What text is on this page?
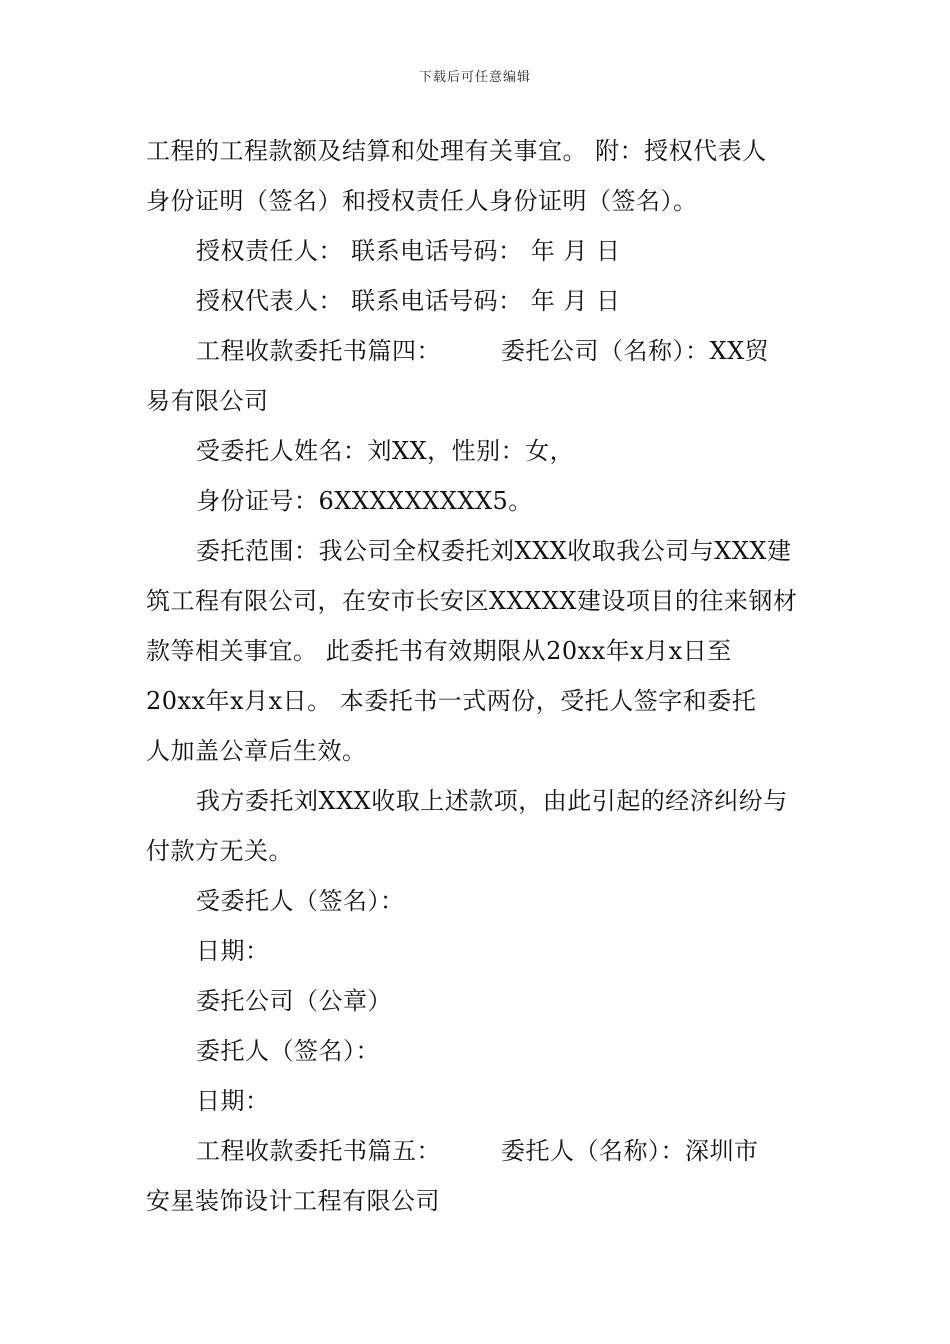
下载后可任意编辑
工程的工程款额及结算和处理有关事宜。 附：授权代表人
身份证明（签名）和授权责任人身份证明（签名）。
授权责任人： 联系电话号码： 年 月 日
授权代表人： 联系电话号码： 年 月 日
工程收款委托书篇四：	委托公司（名称）：XX贸
易有限公司
受委托人姓名：刘XX，性别：女，
身份证号：6XXXXXXXXX5。
委托范围：我公司全权委托刘XXX收取我公司与XXX建
筑工程有限公司，在安市长安区XXXXX建设项目的往来钢材
款等相关事宜。 此委托书有效期限从20xx年x月x日至
20xx年x月x日。 本委托书一式两份，受托人签字和委托
人加盖公章后生效。
我方委托刘XXX收取上述款项，由此引起的经济纠纷与
付款方无关。
受委托人（签名）：
日期：
委托公司（公章）
委托人（签名）：
日期：
工程收款委托书篇五：	委托人（名称）：深圳市
安星装饰设计工程有限公司
